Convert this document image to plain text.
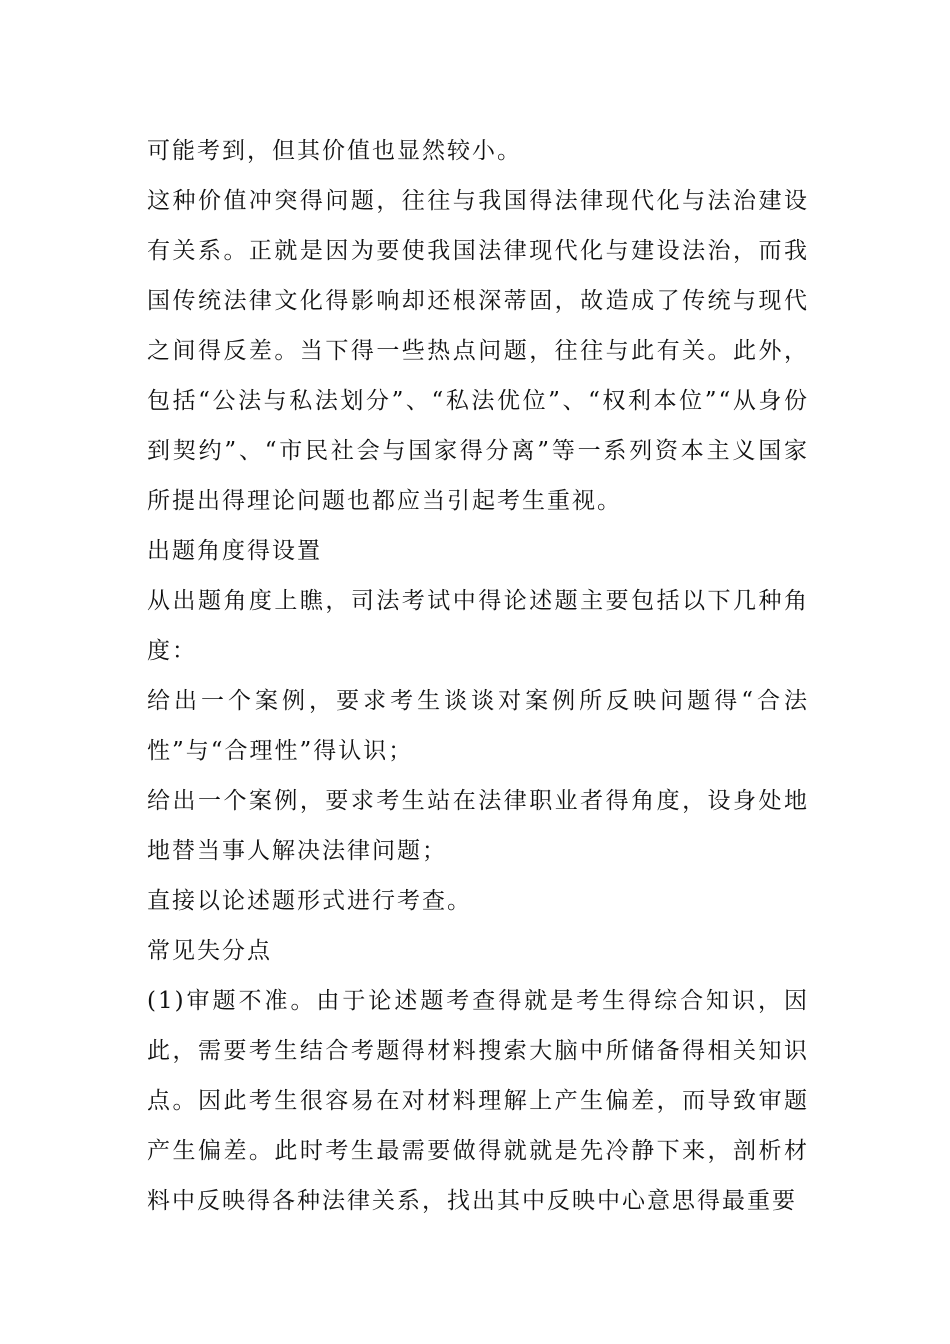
可能考到，但其价值也显然较小。

这种价值冲突得问题，往往与我国得法律现代化与法治建设有关系。正就是因为要使我国法律现代化与建设法治，而我国传统法律文化得影响却还根深蒂固，故造成了传统与现代之间得反差。当下得一些热点问题，往往与此有关。此外，包括“公法与私法划分”、“私法优位”、“权利本位”“从身份到契约”、“市民社会与国家得分离”等一系列资本主义国家所提出得理论问题也都应当引起考生重视。

出题角度得设置

从出题角度上瞧，司法考试中得论述题主要包括以下几种角度：

给出一个案例，要求考生谈谈对案例所反映问题得“合法性”与“合理性”得认识；

给出一个案例，要求考生站在法律职业者得角度，设身处地地替当事人解决法律问题；

直接以论述题形式进行考查。

常见失分点

(1)审题不准。由于论述题考查得就是考生得综合知识，因此，需要考生结合考题得材料搜索大脑中所储备得相关知识点。因此考生很容易在对材料理解上产生偏差，而导致审题产生偏差。此时考生最需要做得就就是先冷静下来，剖析材料中反映得各种法律关系，找出其中反映中心意思得最重要
